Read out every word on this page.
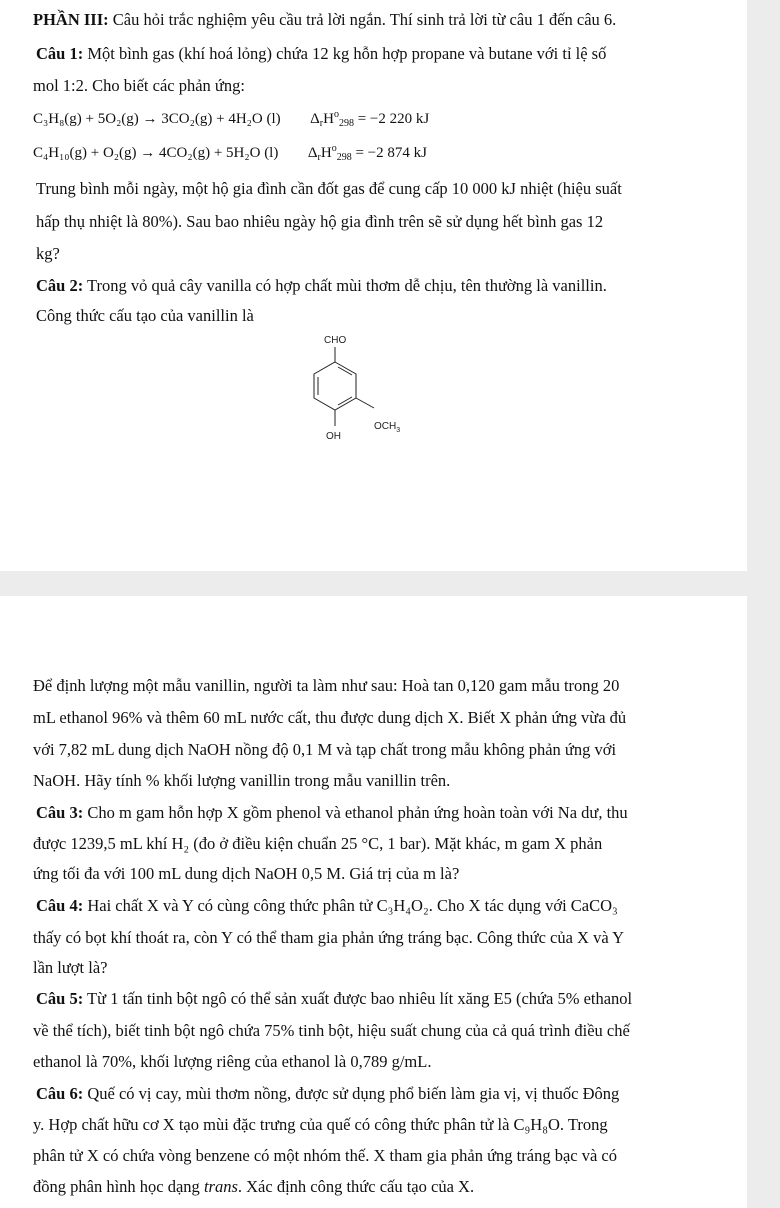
PHẦN III: Câu hỏi trắc nghiệm yêu cầu trả lời ngắn. Thí sinh trả lời từ câu 1 đến câu 6.
Câu 1: Một bình gas (khí hoá lỏng) chứa 12 kg hỗn hợp propane và butane với tỉ lệ số
mol 1:2. Cho biết các phản ứng:
C₃H₈(g) + 5O₂(g) → 3CO₂(g) + 4H₂O (l) $\Delta_rH^o_{298} = -2$ 220 kJ
C₄H₁₀(g) + O₂(g) → 4CO₂(g) + 5H₂O (l) $\Delta_rH^o_{298} = -2$ 874 kJ
Trung bình mỗi ngày, một hộ gia đình cần đốt gas để cung cấp 10 000 kJ nhiệt (hiệu suất
hấp thụ nhiệt là 80%). Sau bao nhiêu ngày hộ gia đình trên sẽ sử dụng hết bình gas 12
kg?
Câu 2: Trong vỏ quả cây vanilla có hợp chất mùi thơm dễ chịu, tên thường là vanillin.
Công thức cấu tạo của vanillin là
CHO
$OCH_3$
OH
Để định lượng một mẫu vanillin, người ta làm như sau: Hoà tan 0,120 gam mẫu trong 20
mL ethanol 96% và thêm 60 mL nước cất, thu được dung dịch X. Biết X phản ứng vừa đủ
với 7,82 mL dung dịch NaOH nồng độ 0,1 M và tạp chất trong mẫu không phản ứng với
NaOH. Hãy tính % khối lượng vanillin trong mẫu vanillin trên.
Câu 3: Cho m gam hỗn hợp X gồm phenol và ethanol phản ứng hoàn toàn với Na dư, thu
được 1239,5 mL khí H₂ (đo ở điều kiện chuẩn 25 °C, 1 bar). Mặt khác, m gam X phản
ứng tối đa với 100 mL dung dịch NaOH 0,5 M. Giá trị của m là?
Câu 4: Hai chất X và Y có cùng công thức phân tử C₃H₄O₂. Cho X tác dụng với CaCO₃
thấy có bọt khí thoát ra, còn Y có thể tham gia phản ứng tráng bạc. Công thức của X và Y
lần lượt là?
Câu 5: Từ 1 tấn tinh bột ngô có thể sản xuất được bao nhiêu lít xăng E5 (chứa 5% ethanol
về thể tích), biết tinh bột ngô chứa 75% tinh bột, hiệu suất chung của cả quá trình điều chế
ethanol là 70%, khối lượng riêng của ethanol là 0,789 g/mL.
Câu 6: Quế có vị cay, mùi thơm nồng, được sử dụng phổ biến làm gia vị, vị thuốc Đông
y. Hợp chất hữu cơ X tạo mùi đặc trưng của quế có công thức phân tử là C₉H₈O. Trong
phân tử X có chứa vòng benzene có một nhóm thế. X tham gia phản ứng tráng bạc và có
đồng phân hình học dạng trans. Xác định công thức cấu tạo của X.
